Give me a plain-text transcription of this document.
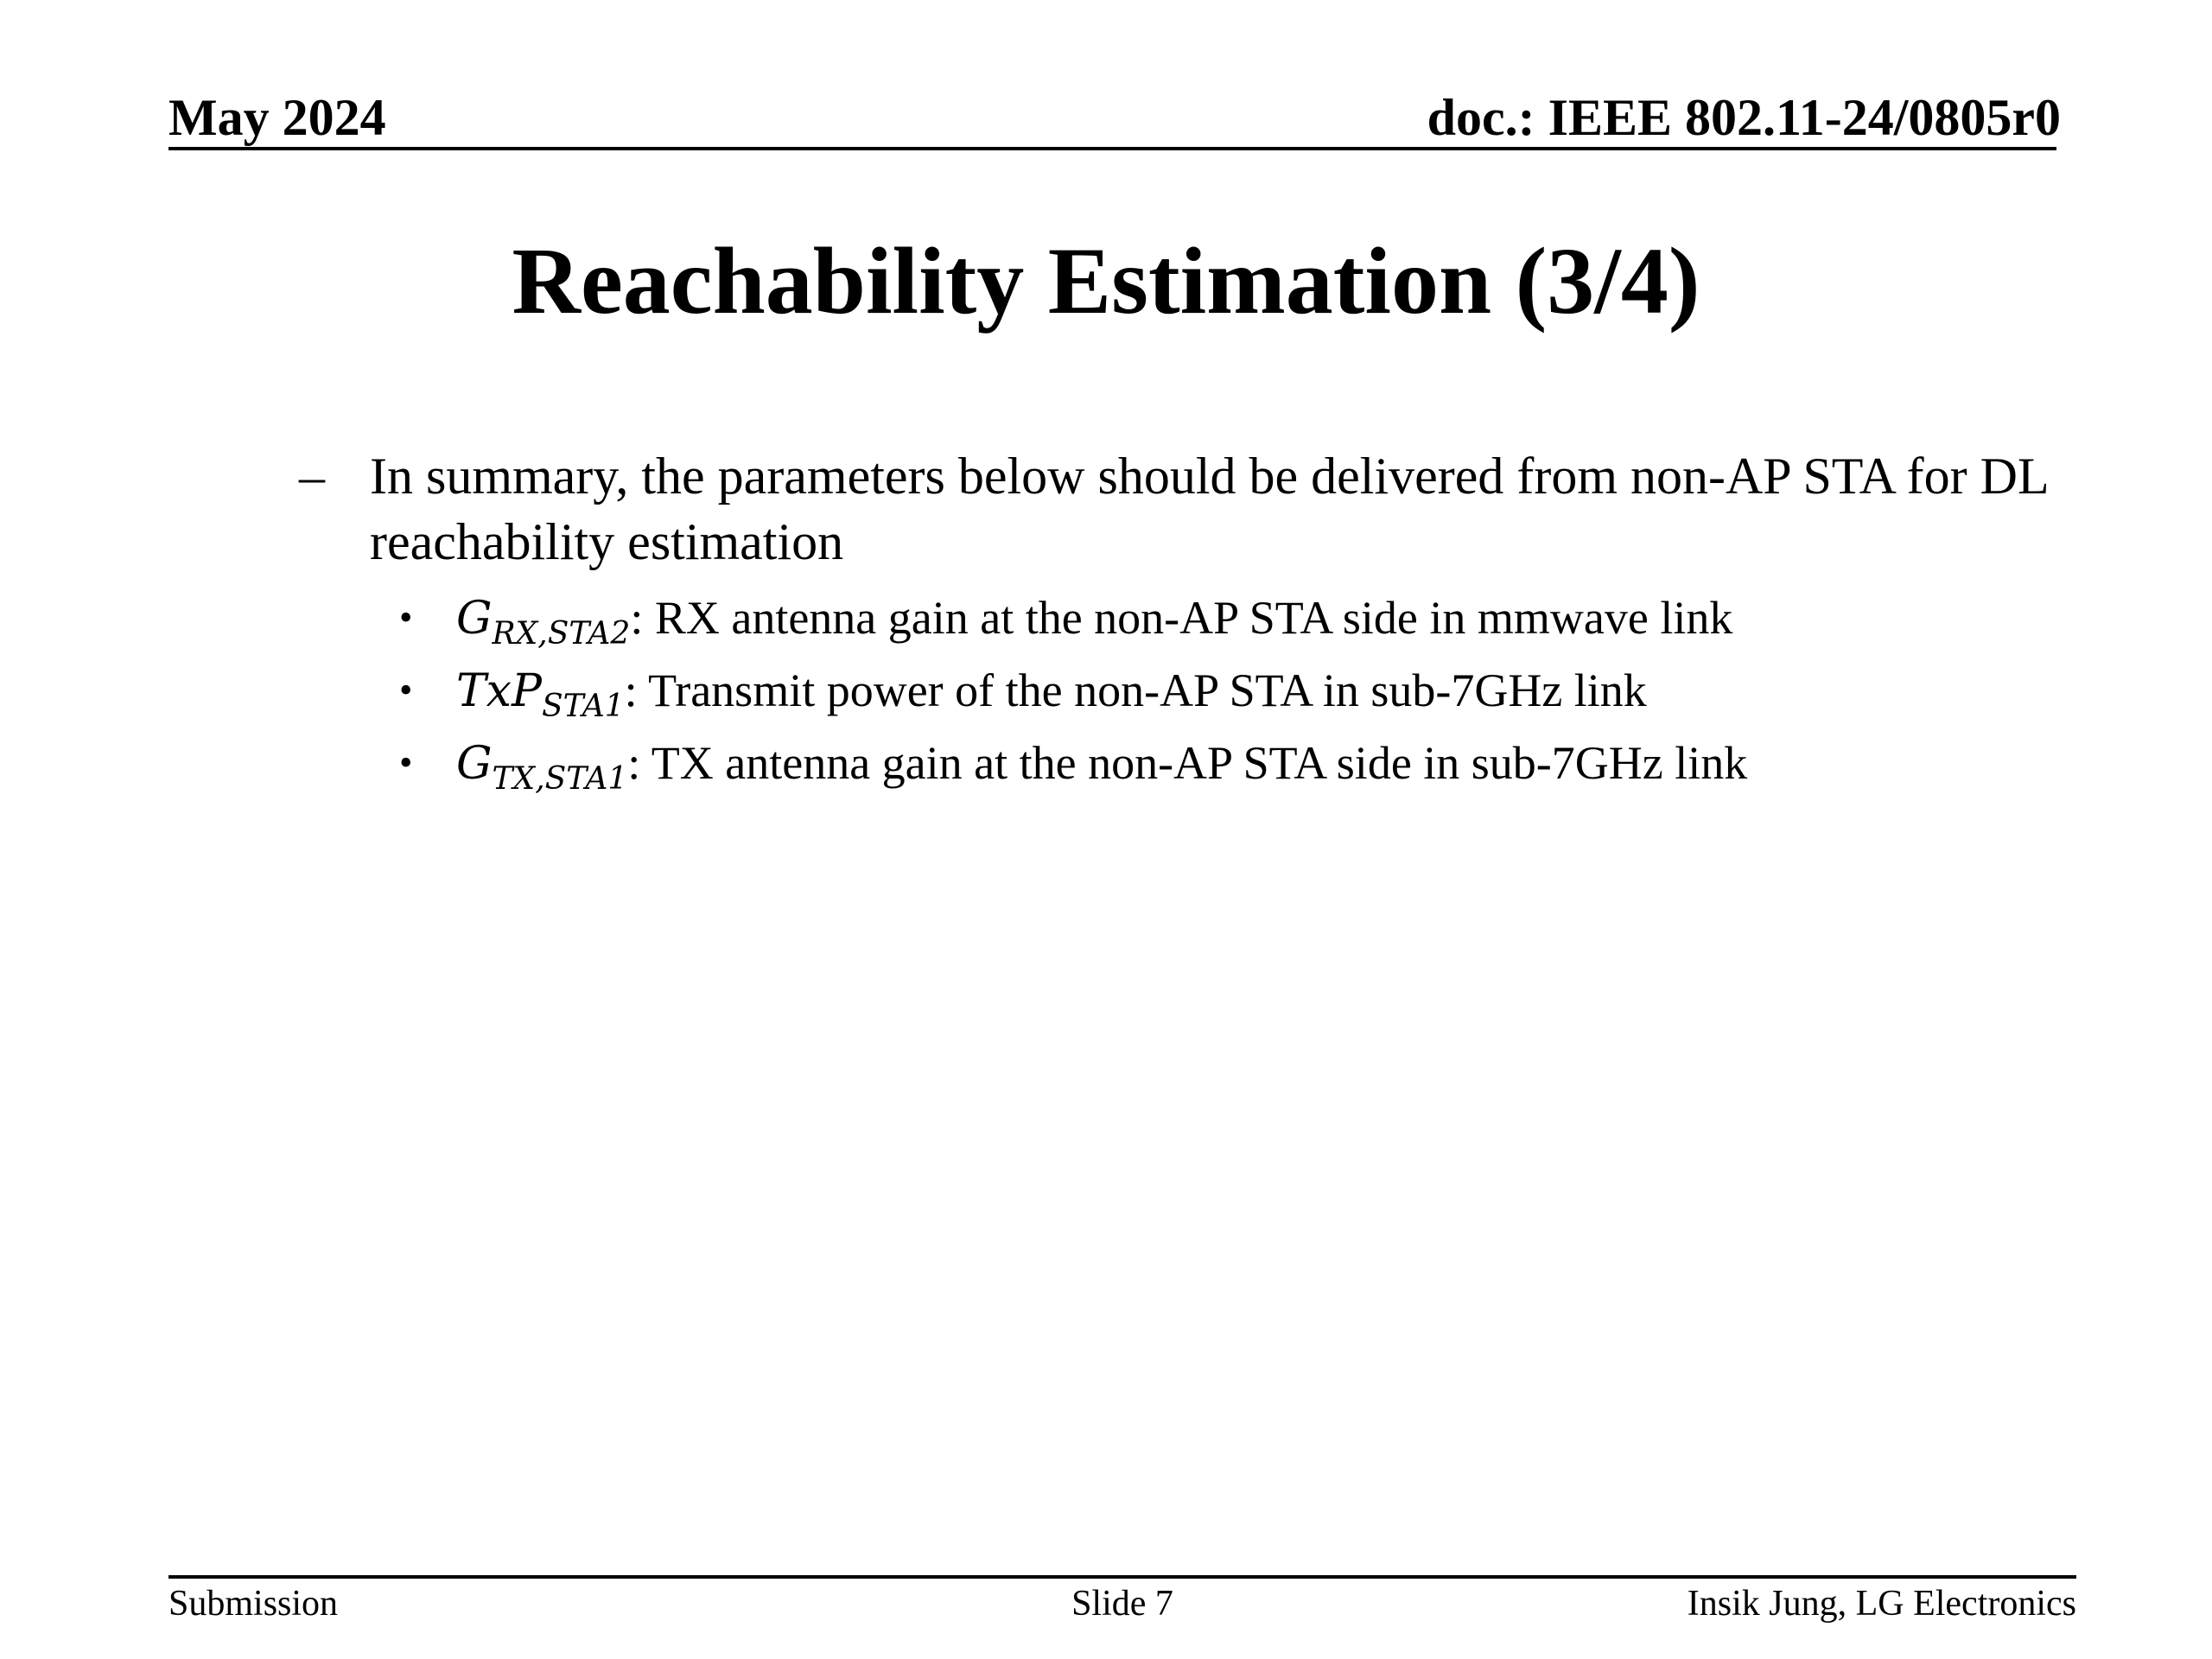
May 2024	doc.: IEEE 802.11-24/0805r0
Reachability Estimation (3/4)
– In summary, the parameters below should be delivered from non-AP STA for DL reachability estimation
• $G_{RX,STA2}$: RX antenna gain at the non-AP STA side in mmwave link
• TxP$_{STA1}$: Transmit power of the non-AP STA in sub-7GHz link
• $G_{TX,STA1}$: TX antenna gain at the non-AP STA side in sub-7GHz link
Submission	Slide 7	Insik Jung, LG Electronics
